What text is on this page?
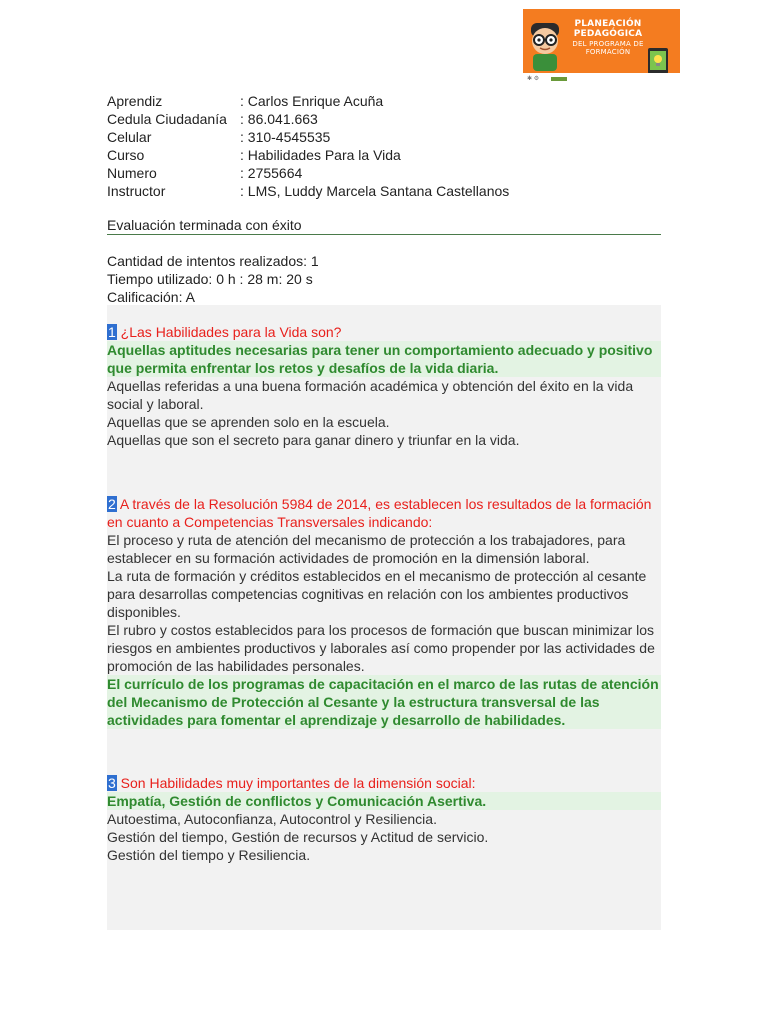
PLANEACIÓN
PEDAGÓGICA
DEL PROGRAMA DE FORMACIÓN
✱ ⚙
Aprendiz	: Carlos Enrique Acuña
Cedula Ciudadanía : 86.041.663
Celular	: 310-4545535
Curso	: Habilidades Para la Vida
Numero	: 2755664
Instructor	: LMS, Luddy Marcela Santana Castellanos
Evaluación terminada con éxito
Cantidad de intentos realizados: 1
Tiempo utilizado: 0 h : 28 m: 20 s
Calificación: A
1 ¿Las Habilidades para la Vida son?
Aquellas aptitudes necesarias para tener un comportamiento adecuado y positivo que permita enfrentar los retos y desafíos de la vida diaria.
Aquellas referidas a una buena formación académica y obtención del éxito en la vida social y laboral.
Aquellas que se aprenden solo en la escuela.
Aquellas que son el secreto para ganar dinero y triunfar en la vida.
2 A través de la Resolución 5984 de 2014, es establecen los resultados de la formación en cuanto a Competencias Transversales indicando:
El proceso y ruta de atención del mecanismo de protección a los trabajadores, para establecer en su formación actividades de promoción en la dimensión laboral.
La ruta de formación y créditos establecidos en el mecanismo de protección al cesante para desarrollas competencias cognitivas en relación con los ambientes productivos disponibles.
El rubro y costos establecidos para los procesos de formación que buscan minimizar los riesgos en ambientes productivos y laborales así como propender por las actividades de promoción de las habilidades personales.
El currículo de los programas de capacitación en el marco de las rutas de atención del Mecanismo de Protección al Cesante y la estructura transversal de las actividades para fomentar el aprendizaje y desarrollo de habilidades.
3 Son Habilidades muy importantes de la dimensión social:
Empatía, Gestión de conflictos y Comunicación Asertiva.
Autoestima, Autoconfianza, Autocontrol y Resiliencia.
Gestión del tiempo, Gestión de recursos y Actitud de servicio.
Gestión del tiempo y Resiliencia.
